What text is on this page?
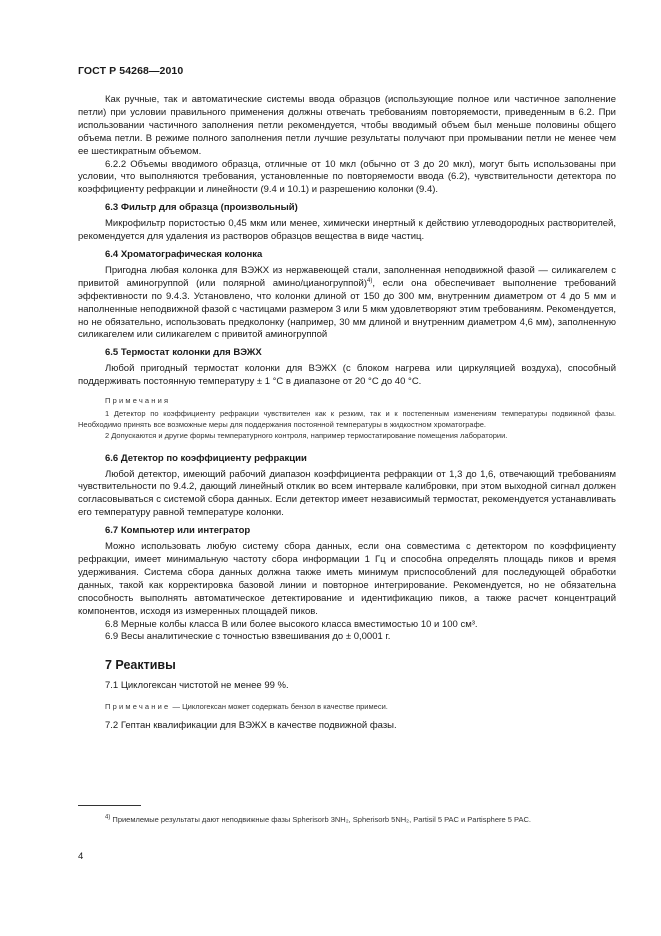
ГОСТ Р 54268—2010

Как ручные, так и автоматические системы ввода образцов (использующие полное или частичное заполнение петли) при условии правильного применения должны отвечать требованиям повторяемости, приведенным в 6.2. При использовании частичного заполнения петли рекомендуется, чтобы вводимый объем был меньше половины общего объема петли. В режиме полного заполнения петли лучшие результаты получают при промывании петли не менее чем ее шестикратным объемом.

6.2.2 Объемы вводимого образца, отличные от 10 мкл (обычно от 3 до 20 мкл), могут быть использованы при условии, что выполняются требования, установленные по повторяемости ввода (6.2), чувствительности детектора по коэффициенту рефракции и линейности (9.4 и 10.1) и разрешению колонки (9.4).

6.3 Фильтр для образца (произвольный)

Микрофильтр пористостью 0,45 мкм или менее, химически инертный к действию углеводородных растворителей, рекомендуется для удаления из растворов образцов вещества в виде частиц.

6.4 Хроматографическая колонка

Пригодна любая колонка для ВЭЖХ из нержавеющей стали, заполненная неподвижной фазой — силикагелем с привитой аминогруппой (или полярной амино/цианогруппой)$^{4)}$, если она обеспечивает выполнение требований эффективности по 9.4.3. Установлено, что колонки длиной от 150 до 300 мм, внутренним диаметром от 4 до 5 мм и наполненные неподвижной фазой с частицами размером 3 или 5 мкм удовлетворяют этим требованиям. Рекомендуется, но не обязательно, использовать предколонку (например, 30 мм длиной и внутренним диаметром 4,6 мм), заполненную силикагелем или силикагелем с привитой аминогруппой

6.5 Термостат колонки для ВЭЖХ

Любой пригодный термостат колонки для ВЭЖХ (с блоком нагрева или циркуляцией воздуха), способный поддерживать постоянную температуру ± 1 °С в диапазоне от 20 °С до 40 °С.

Примечания

1 Детектор по коэффициенту рефракции чувствителен как к резким, так и к постепенным изменениям температуры подвижной фазы. Необходимо принять все возможные меры для поддержания постоянной температуры в жидкостном хроматографе.

2 Допускаются и другие формы температурного контроля, например термостатирование помещения лаборатории.

6.6 Детектор по коэффициенту рефракции

Любой детектор, имеющий рабочий диапазон коэффициента рефракции от 1,3 до 1,6, отвечающий требованиям чувствительности по 9.4.2, дающий линейный отклик во всем интервале калибровки, при этом выходной сигнал должен согласовываться с системой сбора данных. Если детектор имеет независимый термостат, рекомендуется устанавливать его температуру равной температуре колонки.

6.7 Компьютер или интегратор

Можно использовать любую систему сбора данных, если она совместима с детектором по коэффициенту рефракции, имеет минимальную частоту сбора информации 1 Гц и способна определять площадь пиков и время удерживания. Система сбора данных должна также иметь минимум приспособлений для последующей обработки данных, такой как корректировка базовой линии и повторное интегрирование. Рекомендуется, но не обязательна способность выполнять автоматическое детектирование и идентификацию пиков, а также расчет концентраций компонентов, исходя из измеренных площадей пиков.

6.8 Мерные колбы класса В или более высокого класса вместимостью 10 и 100 см³.

6.9 Весы аналитические с точностью взвешивания до ± 0,0001 г.

7 Реактивы

7.1 Циклогексан чистотой не менее 99 %.

Примечание — Циклогексан может содержать бензол в качестве примеси.

7.2 Гептан квалификации для ВЭЖХ в качестве подвижной фазы.

$^{4)}$ Приемлемые результаты дают неподвижные фазы Spherisorb 3NH₂, Spherisorb 5NH₂, Partisil 5 PAC и Partisphere 5 PAC.
4
